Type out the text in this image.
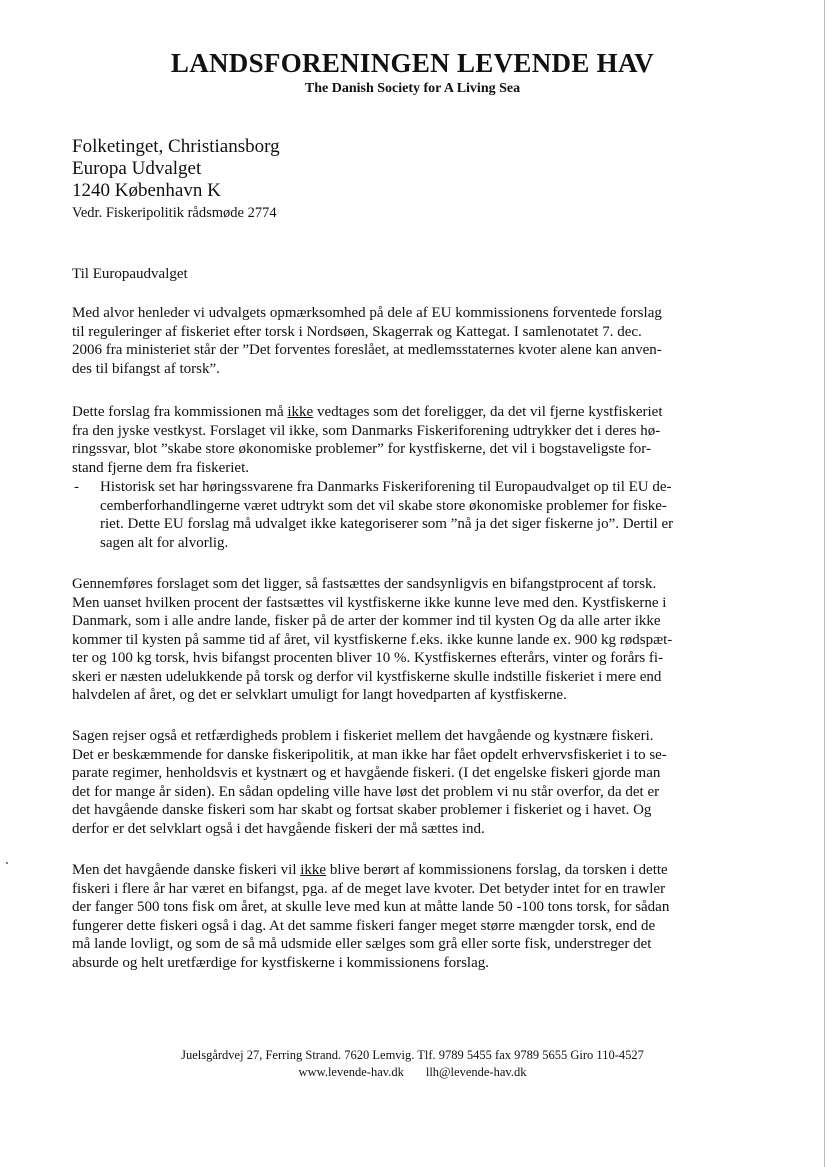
LANDSFORENINGEN LEVENDE HAV
The Danish Society for A Living Sea
Folketinget, Christiansborg
Europa Udvalget
1240 København K
Vedr. Fiskeripolitik rådsmøde 2774
Til Europaudvalget
Med alvor henleder vi udvalgets opmærksomhed på dele af EU kommissionens forventede forslag
til reguleringer af fiskeriet efter torsk i Nordsøen, Skagerrak og Kattegat. I samlenotatet 7. dec.
2006 fra ministeriet står der ”Det forventes foreslået, at medlemsstaternes kvoter alene kan anven-
des til bifangst af torsk”.
Dette forslag fra kommissionen må ikke vedtages som det foreligger, da det vil fjerne kystfiskeriet
fra den jyske vestkyst. Forslaget vil ikke, som Danmarks Fiskeriforening udtrykker det i deres hø-
ringssvar, blot ”skabe store økonomiske problemer” for kystfiskerne, det vil i bogstaveligste for-
stand fjerne dem fra fiskeriet.
- Historisk set har høringssvarene fra Danmarks Fiskeriforening til Europaudvalget op til EU de-
cemberforhandlingerne været udtrykt som det vil skabe store økonomiske problemer for fiske-
riet. Dette EU forslag må udvalget ikke kategoriserer som ”nå ja det siger fiskerne jo”. Dertil er
sagen alt for alvorlig.
Gennemføres forslaget som det ligger, så fastsættes der sandsynligvis en bifangstprocent af torsk.
Men uanset hvilken procent der fastsættes vil kystfiskerne ikke kunne leve med den. Kystfiskerne i
Danmark, som i alle andre lande, fisker på de arter der kommer ind til kysten Og da alle arter ikke
kommer til kysten på samme tid af året, vil kystfiskerne f.eks. ikke kunne lande ex. 900 kg rødspæt-
ter og 100 kg torsk, hvis bifangst procenten bliver 10 %. Kystfiskernes efterårs, vinter og forårs fi-
skeri er næsten udelukkende på torsk og derfor vil kystfiskerne skulle indstille fiskeriet i mere end
halvdelen af året, og det er selvklart umuligt for langt hovedparten af kystfiskerne.
Sagen rejser også et retfærdigheds problem i fiskeriet mellem det havgående og kystnære fiskeri.
Det er beskæmmende for danske fiskeripolitik, at man ikke har fået opdelt erhvervsfiskeriet i to se-
parate regimer, henholdsvis et kystnært og et havgående fiskeri. (I det engelske fiskeri gjorde man
det for mange år siden). En sådan opdeling ville have løst det problem vi nu står overfor, da det er
det havgående danske fiskeri som har skabt og fortsat skaber problemer i fiskeriet og i havet. Og
derfor er det selvklart også i det havgående fiskeri der må sættes ind.
Men det havgående danske fiskeri vil ikke blive berørt af kommissionens forslag, da torsken i dette
fiskeri i flere år har været en bifangst, pga. af de meget lave kvoter. Det betyder intet for en trawler
der fanger 500 tons fisk om året, at skulle leve med kun at måtte lande 50 -100 tons torsk, for sådan
fungerer dette fiskeri også i dag. At det samme fiskeri fanger meget større mængder torsk, end de
må lande lovligt, og som de så må udsmide eller sælges som grå eller sorte fisk, understreger det
absurde og helt uretfærdige for kystfiskerne i kommissionens forslag.
Juelsgårdvej 27, Ferring Strand. 7620 Lemvig. Tlf. 9789 5455 fax 9789 5655 Giro 110-4527
www.levende-hav.dk llh@levende-hav.dk
